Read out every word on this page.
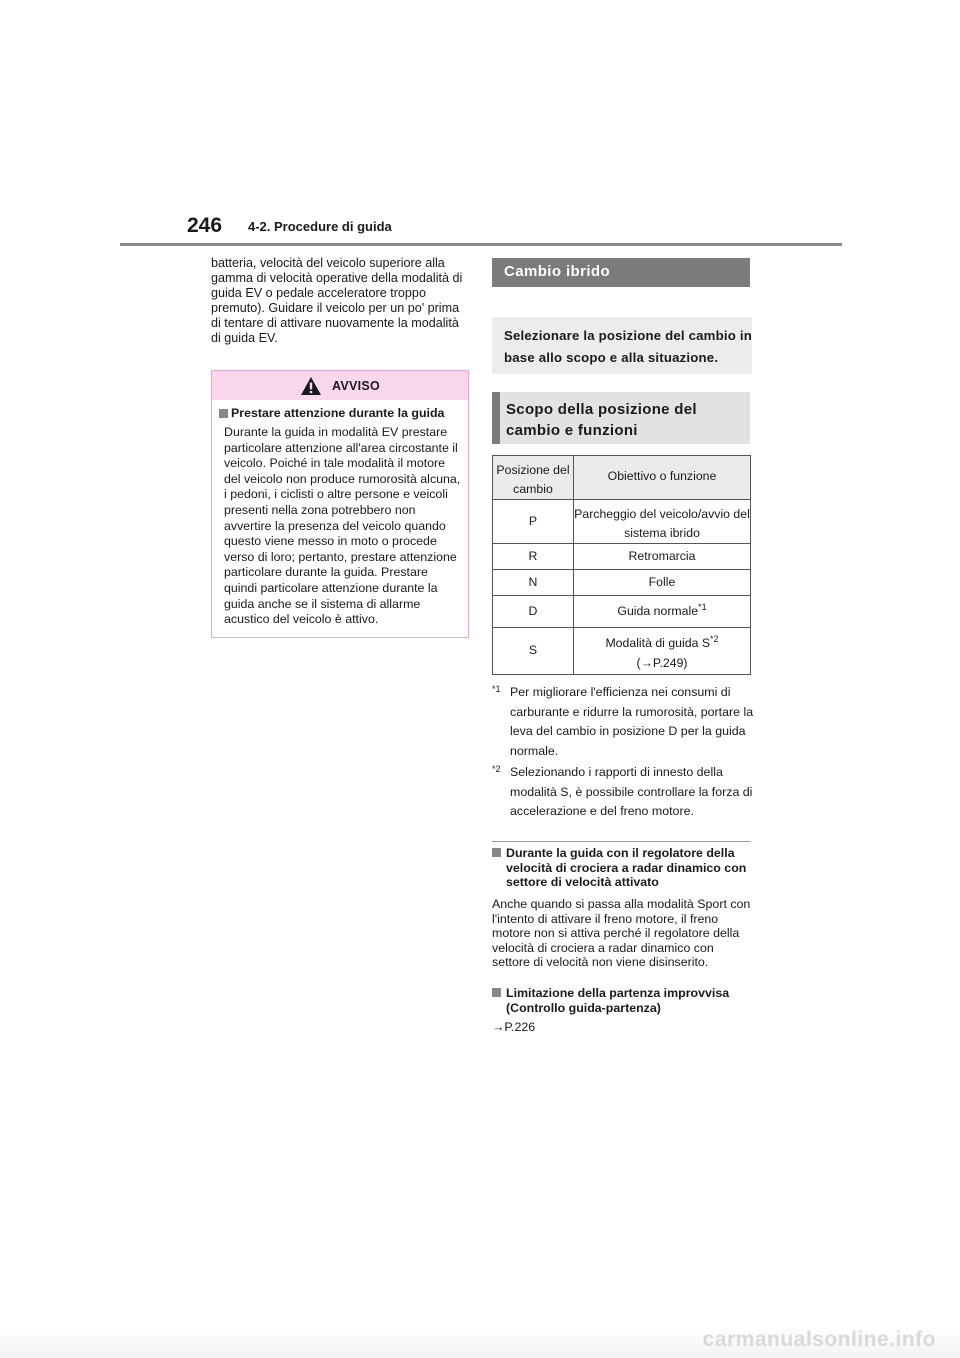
246 4-2. Procedure di guida
batteria, velocità del veicolo superiore alla gamma di velocità operative della modalità di guida EV o pedale acceleratore troppo premuto). Guidare il veicolo per un po' prima di tentare di attivare nuovamente la modalità di guida EV.
AVVISO
Prestare attenzione durante la guida
Durante la guida in modalità EV prestare particolare attenzione all'area circostante il veicolo. Poiché in tale modalità il motore del veicolo non produce rumorosità alcuna, i pedoni, i ciclisti o altre persone e veicoli presenti nella zona potrebbero non avvertire la presenza del veicolo quando questo viene messo in moto o procede verso di loro; pertanto, prestare attenzione particolare durante la guida. Prestare quindi particolare attenzione durante la guida anche se il sistema di allarme acustico del veicolo è attivo.
Cambio ibrido
Selezionare la posizione del cambio in base allo scopo e alla situazione.
Scopo della posizione del cambio e funzioni
Posizione del cambio	Obiettivo o funzione
P	Parcheggio del veicolo/avvio del sistema ibrido
R	Retromarcia
N	Folle
D	Guida normale$^{*1}$
S	Modalità di guida $S^{*2}$
(→P.249)
*1 Per migliorare l'efficienza nei consumi di carburante e ridurre la rumorosità, portare la leva del cambio in posizione D per la guida normale.
*2 Selezionando i rapporti di innesto della modalità S, è possibile controllare la forza di accelerazione e del freno motore.
Durante la guida con il regolatore della velocità di crociera a radar dinamico con settore di velocità attivato
Anche quando si passa alla modalità Sport con l'intento di attivare il freno motore, il freno motore non si attiva perché il regolatore della velocità di crociera a radar dinamico con settore di velocità non viene disinserito.
Limitazione della partenza improvvisa (Controllo guida-partenza)
→P.226
carmanualsonline.info
